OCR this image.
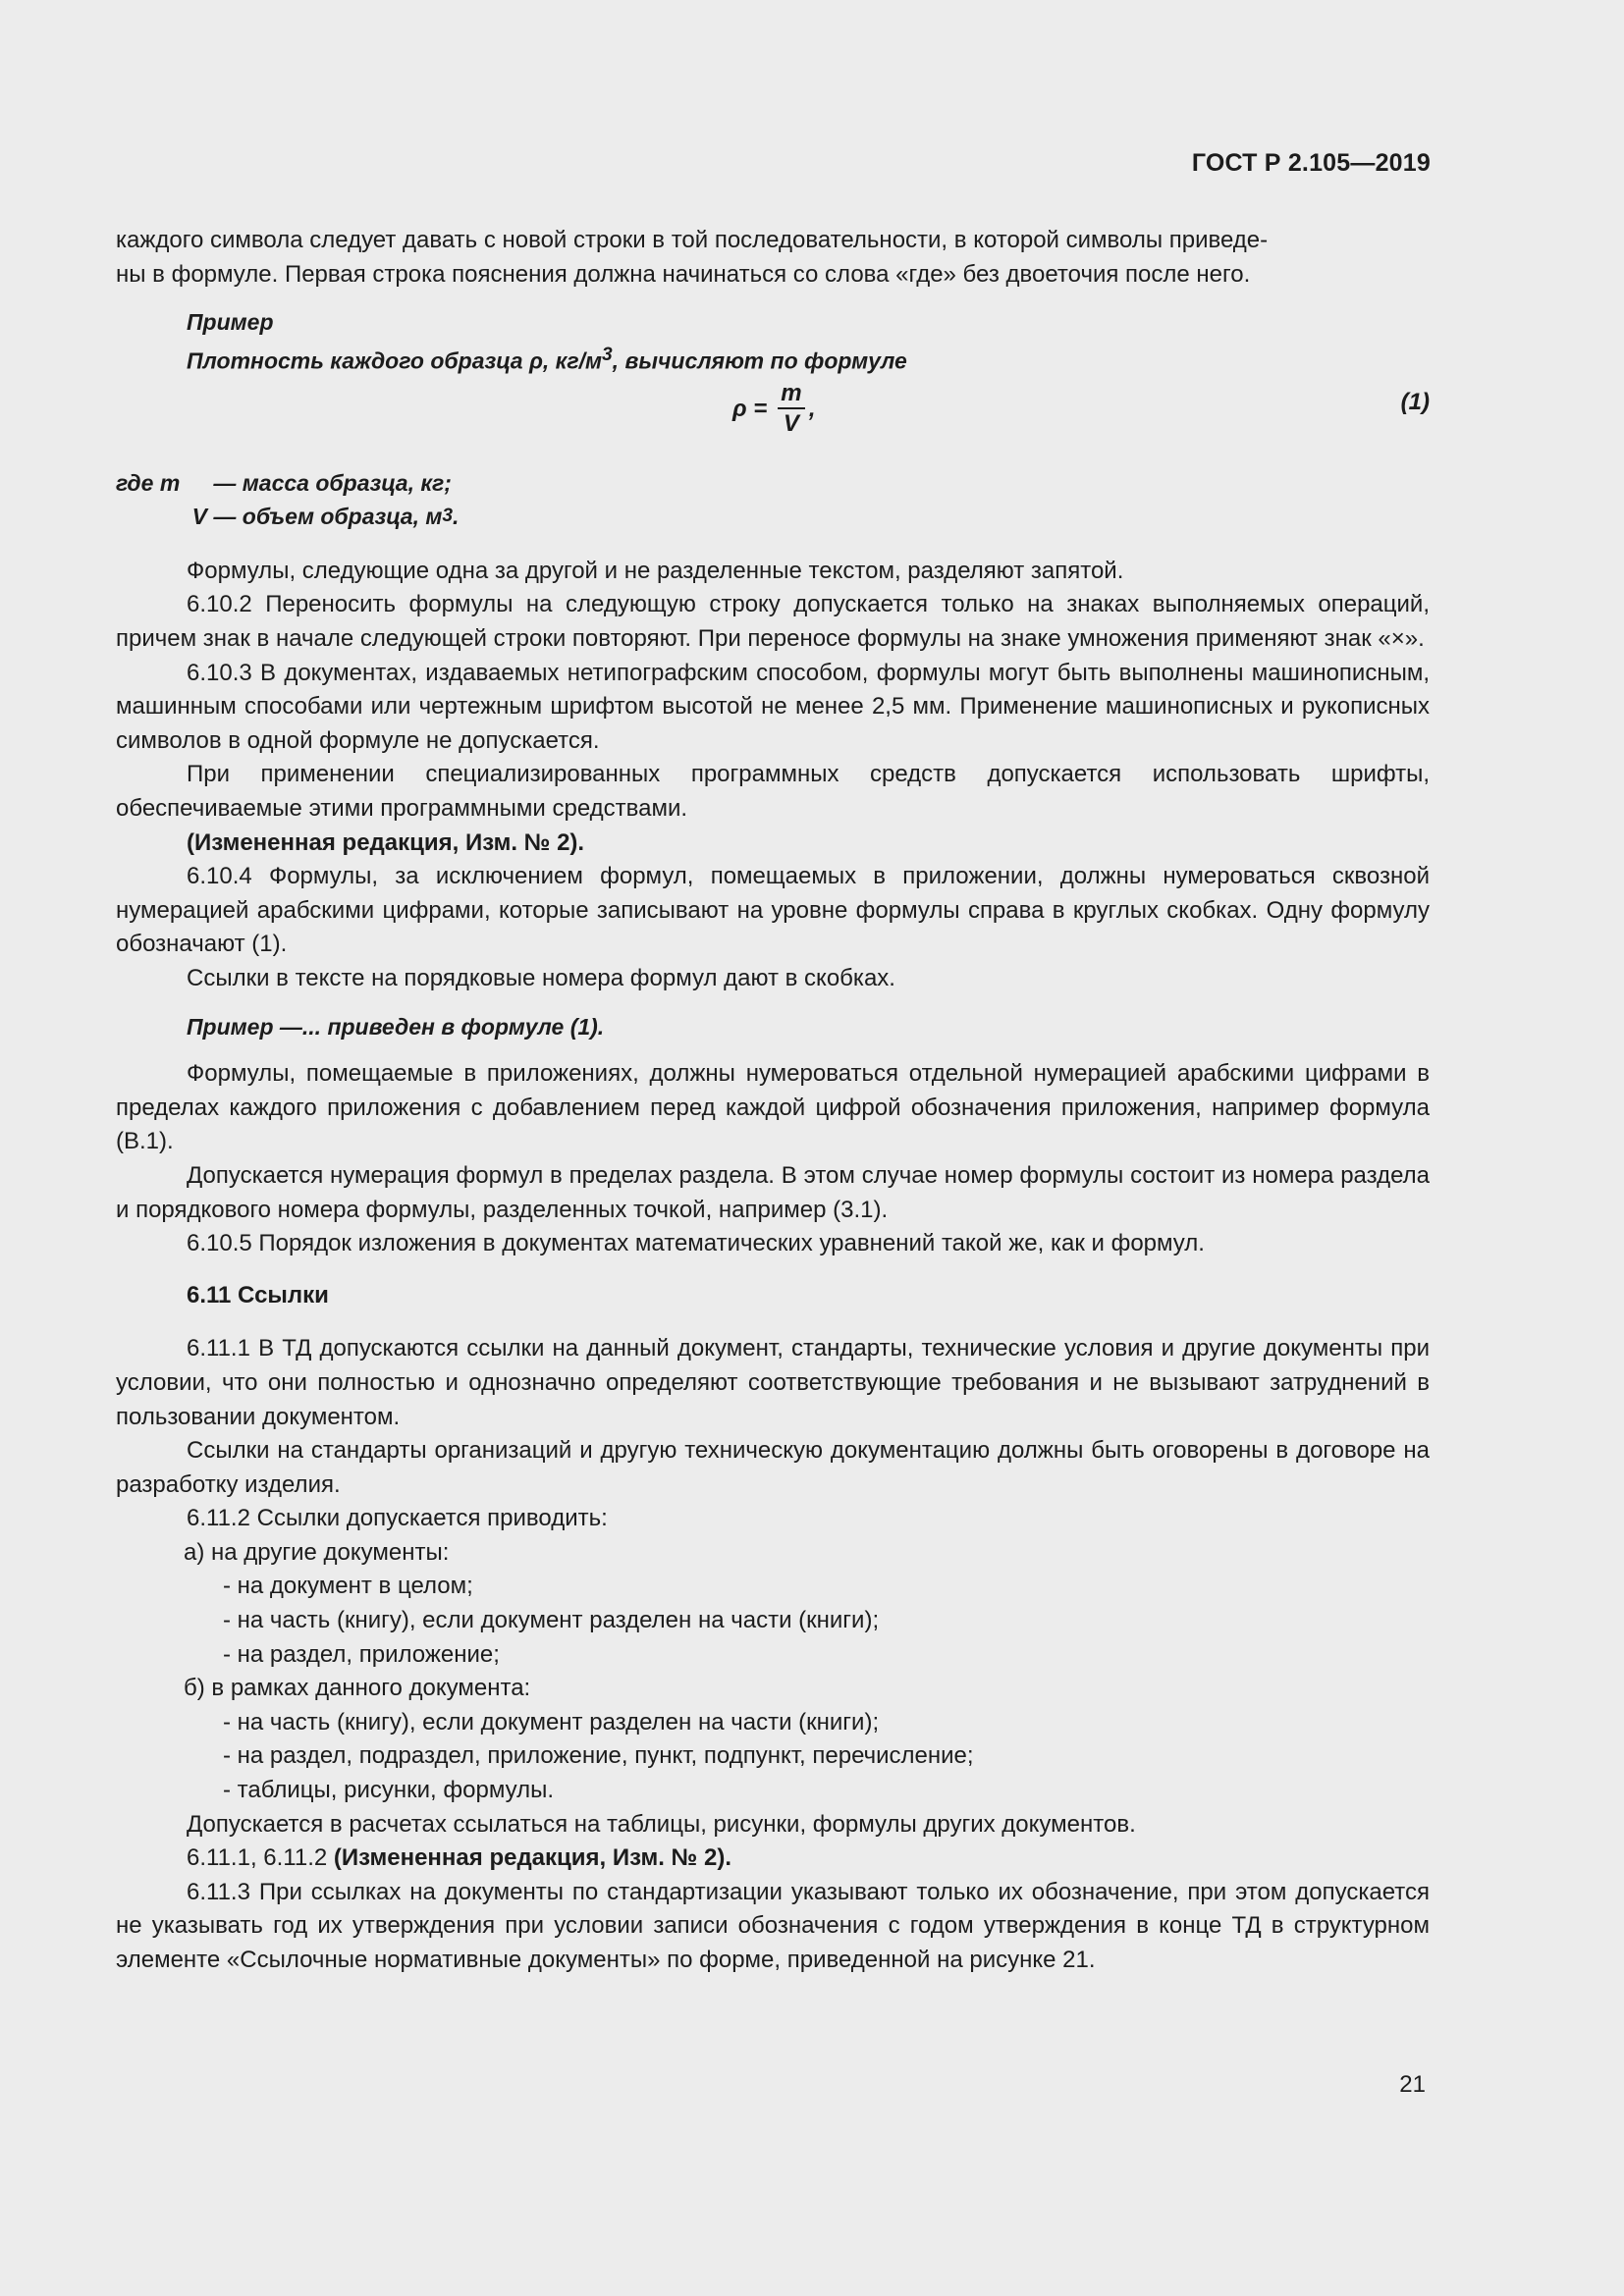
ГОСТ Р 2.105—2019

каждого символа следует давать с новой строки в той последовательности, в которой символы приведе-

ны в формуле. Первая строка пояснения должна начинаться со слова «где» без двоеточия после него.

Пример
Плотность каждого образца ρ, $кг/м^3$, вычисляют по формуле
$\rho = \frac{m}{V}$ ,	(1)
где m	— масса образца, кг;
V — объем образца, м 3 .

Формулы, следующие одна за другой и не разделенные текстом, разделяют запятой.

6.10.2 Переносить формулы на следующую строку допускается только на знаках выполняемых операций, причем знак в начале следующей строки повторяют. При переносе формулы на знаке умножения применяют знак «×».

6.10.3 В документах, издаваемых нетипографским способом, формулы могут быть выполнены машинописным, машинным способами или чертежным шрифтом высотой не менее 2,5 мм. Применение машинописных и рукописных символов в одной формуле не допускается.

При применении специализированных программных средств допускается использовать шрифты, обеспечиваемые этими программными средствами.

(Измененная редакция, Изм. № 2).

6.10.4 Формулы, за исключением формул, помещаемых в приложении, должны нумероваться сквозной нумерацией арабскими цифрами, которые записывают на уровне формулы справа в круглых скобках. Одну формулу обозначают (1).

Ссылки в тексте на порядковые номера формул дают в скобках.

Пример —... приведен в формуле (1).

Формулы, помещаемые в приложениях, должны нумероваться отдельной нумерацией арабскими цифрами в пределах каждого приложения с добавлением перед каждой цифрой обозначения приложения, например формула (В.1).

Допускается нумерация формул в пределах раздела. В этом случае номер формулы состоит из номера раздела и порядкового номера формулы, разделенных точкой, например (3.1).

6.10.5 Порядок изложения в документах математических уравнений такой же, как и формул.

6.11 Ссылки

6.11.1 В ТД допускаются ссылки на данный документ, стандарты, технические условия и другие документы при условии, что они полностью и однозначно определяют соответствующие требования и не вызывают затруднений в пользовании документом.

Ссылки на стандарты организаций и другую техническую документацию должны быть оговорены в договоре на разработку изделия.

6.11.2 Ссылки допускается приводить:

а) на другие документы:
- на документ в целом;
- на часть (книгу), если документ разделен на части (книги);
- на раздел, приложение;
б) в рамках данного документа:
- на часть (книгу), если документ разделен на части (книги);
- на раздел, подраздел, приложение, пункт, подпункт, перечисление;
- таблицы, рисунки, формулы.

Допускается в расчетах ссылаться на таблицы, рисунки, формулы других документов.

6.11.1, 6.11.2 (Измененная редакция, Изм. № 2).

6.11.3 При ссылках на документы по стандартизации указывают только их обозначение, при этом допускается не указывать год их утверждения при условии записи обозначения с годом утверждения в конце ТД в структурном элементе «Ссылочные нормативные документы» по форме, приведенной на рисунке 21.

21
